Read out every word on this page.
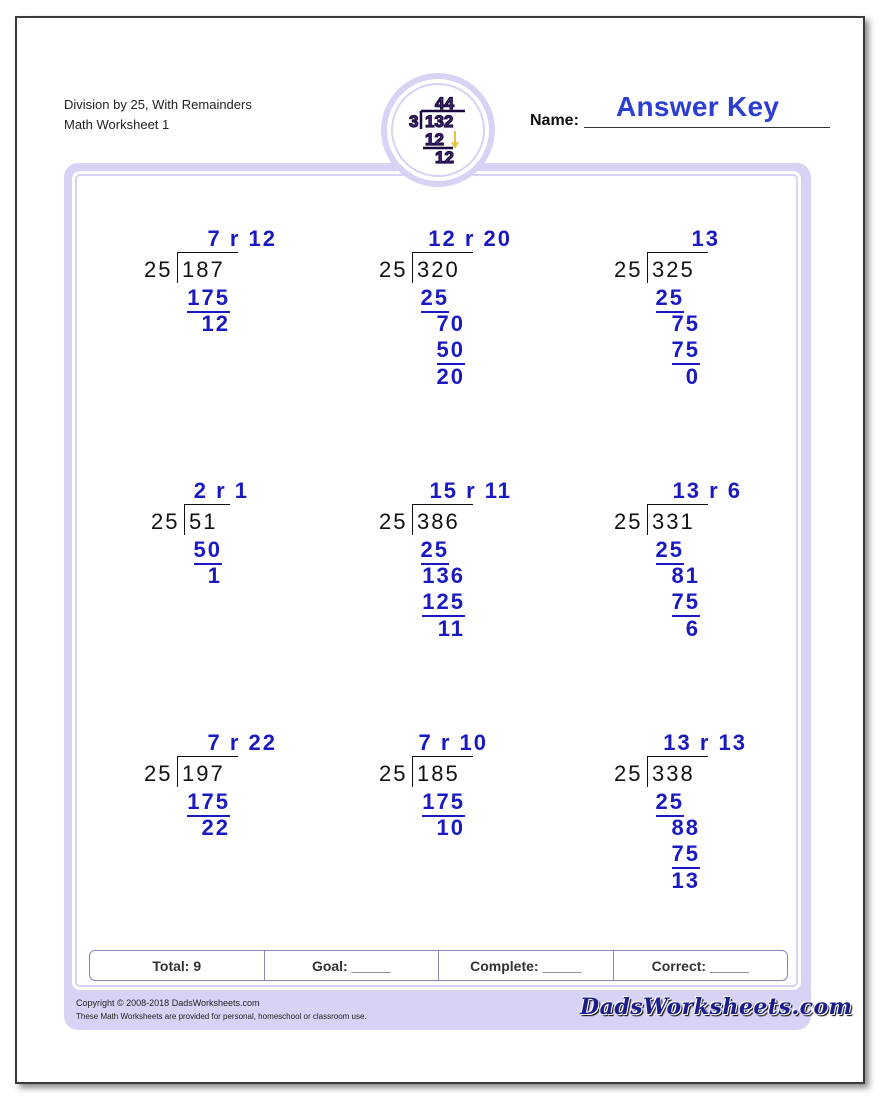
Division by 25, With Remainders
Math Worksheet 1
44
3 132
12
12
Name: Answer Key
7 r 12
25 187
175
12
12 r 20
25 320
25
70
50
20
13
25 325
25
75
75
0
2 r 1
25 51
50
1
15 r 11
25 386
25
136
125
11
13 r 6
25 331
25
81
75
6
7 r 22
25 197
175
22
7 r 10
25 185
175
10
13 r 13
25 338
25
88
75
13
Total: 9	Goal: _____	Complete: _____	Correct: _____
Copyright © 2008-2018 DadsWorksheets.com
These Math Worksheets are provided for personal, homeschool or classroom use.	DadsWorksheets.com
